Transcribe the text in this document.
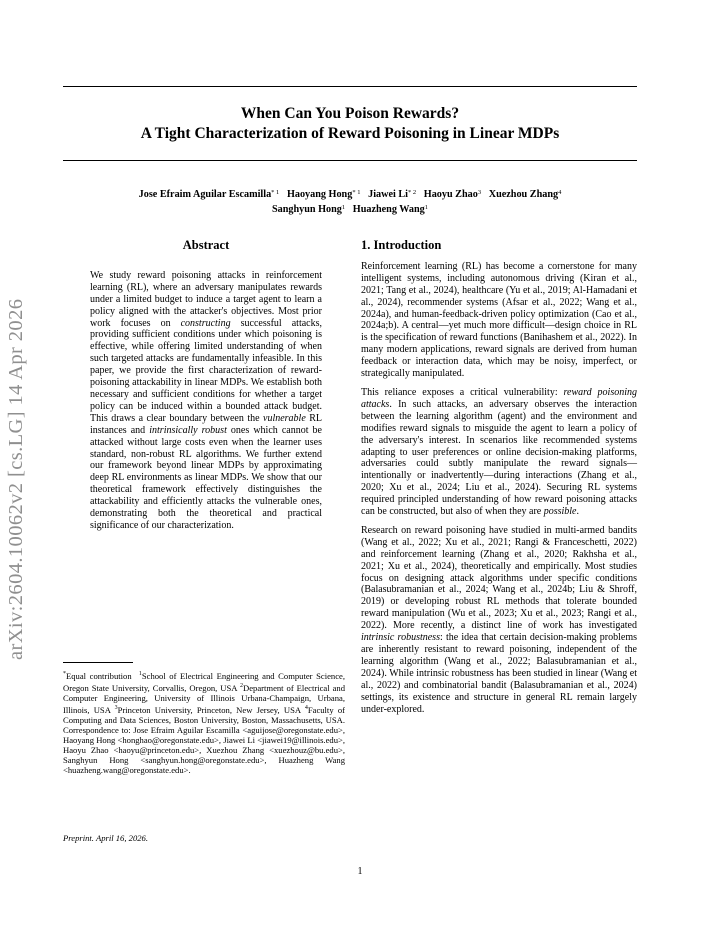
arXiv:2604.10062v2 [cs.LG] 14 Apr 2026
When Can You Poison Rewards?
A Tight Characterization of Reward Poisoning in Linear MDPs
Jose Efraim Aguilar Escamilla$^{* 1}$ Haoyang Hong$^{* 1}$ Jiawei Li$^{* 2}$ Haoyu Zhao$^3$ Xuezhou Zhang$^4$
Sanghyun Hong$^1$ Huazheng Wang$^1$
Abstract

We study reward poisoning attacks in reinforcement learning (RL), where an adversary manipulates rewards under a limited budget to induce a target agent to learn a policy aligned with the attacker's objectives. Most prior work focuses on constructing successful attacks, providing sufficient conditions under which poisoning is effective, while offering limited understanding of when such targeted attacks are fundamentally infeasible. In this paper, we provide the first characterization of reward-poisoning attackability in linear MDPs. We establish both necessary and sufficient conditions for whether a target policy can be induced within a bounded attack budget. This draws a clear boundary between the vulnerable RL instances and intrinsically robust ones which cannot be attacked without large costs even when the learner uses standard, non-robust RL algorithms. We further extend our framework beyond linear MDPs by approximating deep RL environments as linear MDPs. We show that our theoretical framework effectively distinguishes the attackability and efficiently attacks the vulnerable ones, demonstrating both the theoretical and practical significance of our characterization.

*Equal contribution $^1$School of Electrical Engineering and Computer Science, Oregon State University, Corvallis, Oregon, USA $^2$Department of Electrical and Computer Engineering, University of Illinois Urbana-Champaign, Urbana, Illinois, USA $^3$Princeton University, Princeton, New Jersey, USA $^4$Faculty of Computing and Data Sciences, Boston University, Boston, Massachusetts, USA. Correspondence to: Jose Efraim Aguilar Escamilla <aguijose@oregonstate.edu>, Haoyang Hong <honghao@oregonstate.edu>, Jiawei Li <jiawei19@illinois.edu>, Haoyu Zhao <haoyu@princeton.edu>, Xuezhou Zhang <xuezhouz@bu.edu>, Sanghyun Hong <sanghyun.hong@oregonstate.edu>, Huazheng Wang <huazheng.wang@oregonstate.edu>.
Preprint. April 16, 2026.
1. Introduction

Reinforcement learning (RL) has become a cornerstone for many intelligent systems, including autonomous driving (Kiran et al., 2021; Tang et al., 2024), healthcare (Yu et al., 2019; Al-Hamadani et al., 2024), recommender systems (Afsar et al., 2022; Wang et al., 2024a), and human-feedback-driven policy optimization (Cao et al., 2024a;b). A central—yet much more difficult—design choice in RL is the specification of reward functions (Banihashem et al., 2022). In many modern applications, reward signals are derived from human feedback or interaction data, which may be noisy, imperfect, or strategically manipulated.

This reliance exposes a critical vulnerability: reward poisoning attacks. In such attacks, an adversary observes the interaction between the learning algorithm (agent) and the environment and modifies reward signals to misguide the agent to learn a policy of the adversary's interest. In scenarios like recommended systems adapting to user preferences or online decision-making platforms, adversaries could subtly manipulate the reward signals—intentionally or inadvertently—during interactions (Zhang et al., 2020; Xu et al., 2024; Liu et al., 2024). Securing RL systems required principled understanding of how reward poisoning attacks can be constructed, but also of when they are possible.

Research on reward poisoning have studied in multi-armed bandits (Wang et al., 2022; Xu et al., 2021; Rangi & Franceschetti, 2022) and reinforcement learning (Zhang et al., 2020; Rakhsha et al., 2021; Xu et al., 2024), theoretically and empirically. Most studies focus on designing attack algorithms under specific conditions (Balasubramanian et al., 2024; Wang et al., 2024b; Liu & Shroff, 2019) or developing robust RL methods that tolerate bounded reward manipulation (Wu et al., 2023; Xu et al., 2023; Rangi et al., 2022). More recently, a distinct line of work has investigated intrinsic robustness: the idea that certain decision-making problems are inherently resistant to reward poisoning, independent of the learning algorithm (Wang et al., 2022; Balasubramanian et al., 2024). While intrinsic robustness has been studied in linear (Wang et al., 2022) and combinatorial bandit (Balasubramanian et al., 2024) settings, its existence and structure in general RL remain largely under-explored.

1
